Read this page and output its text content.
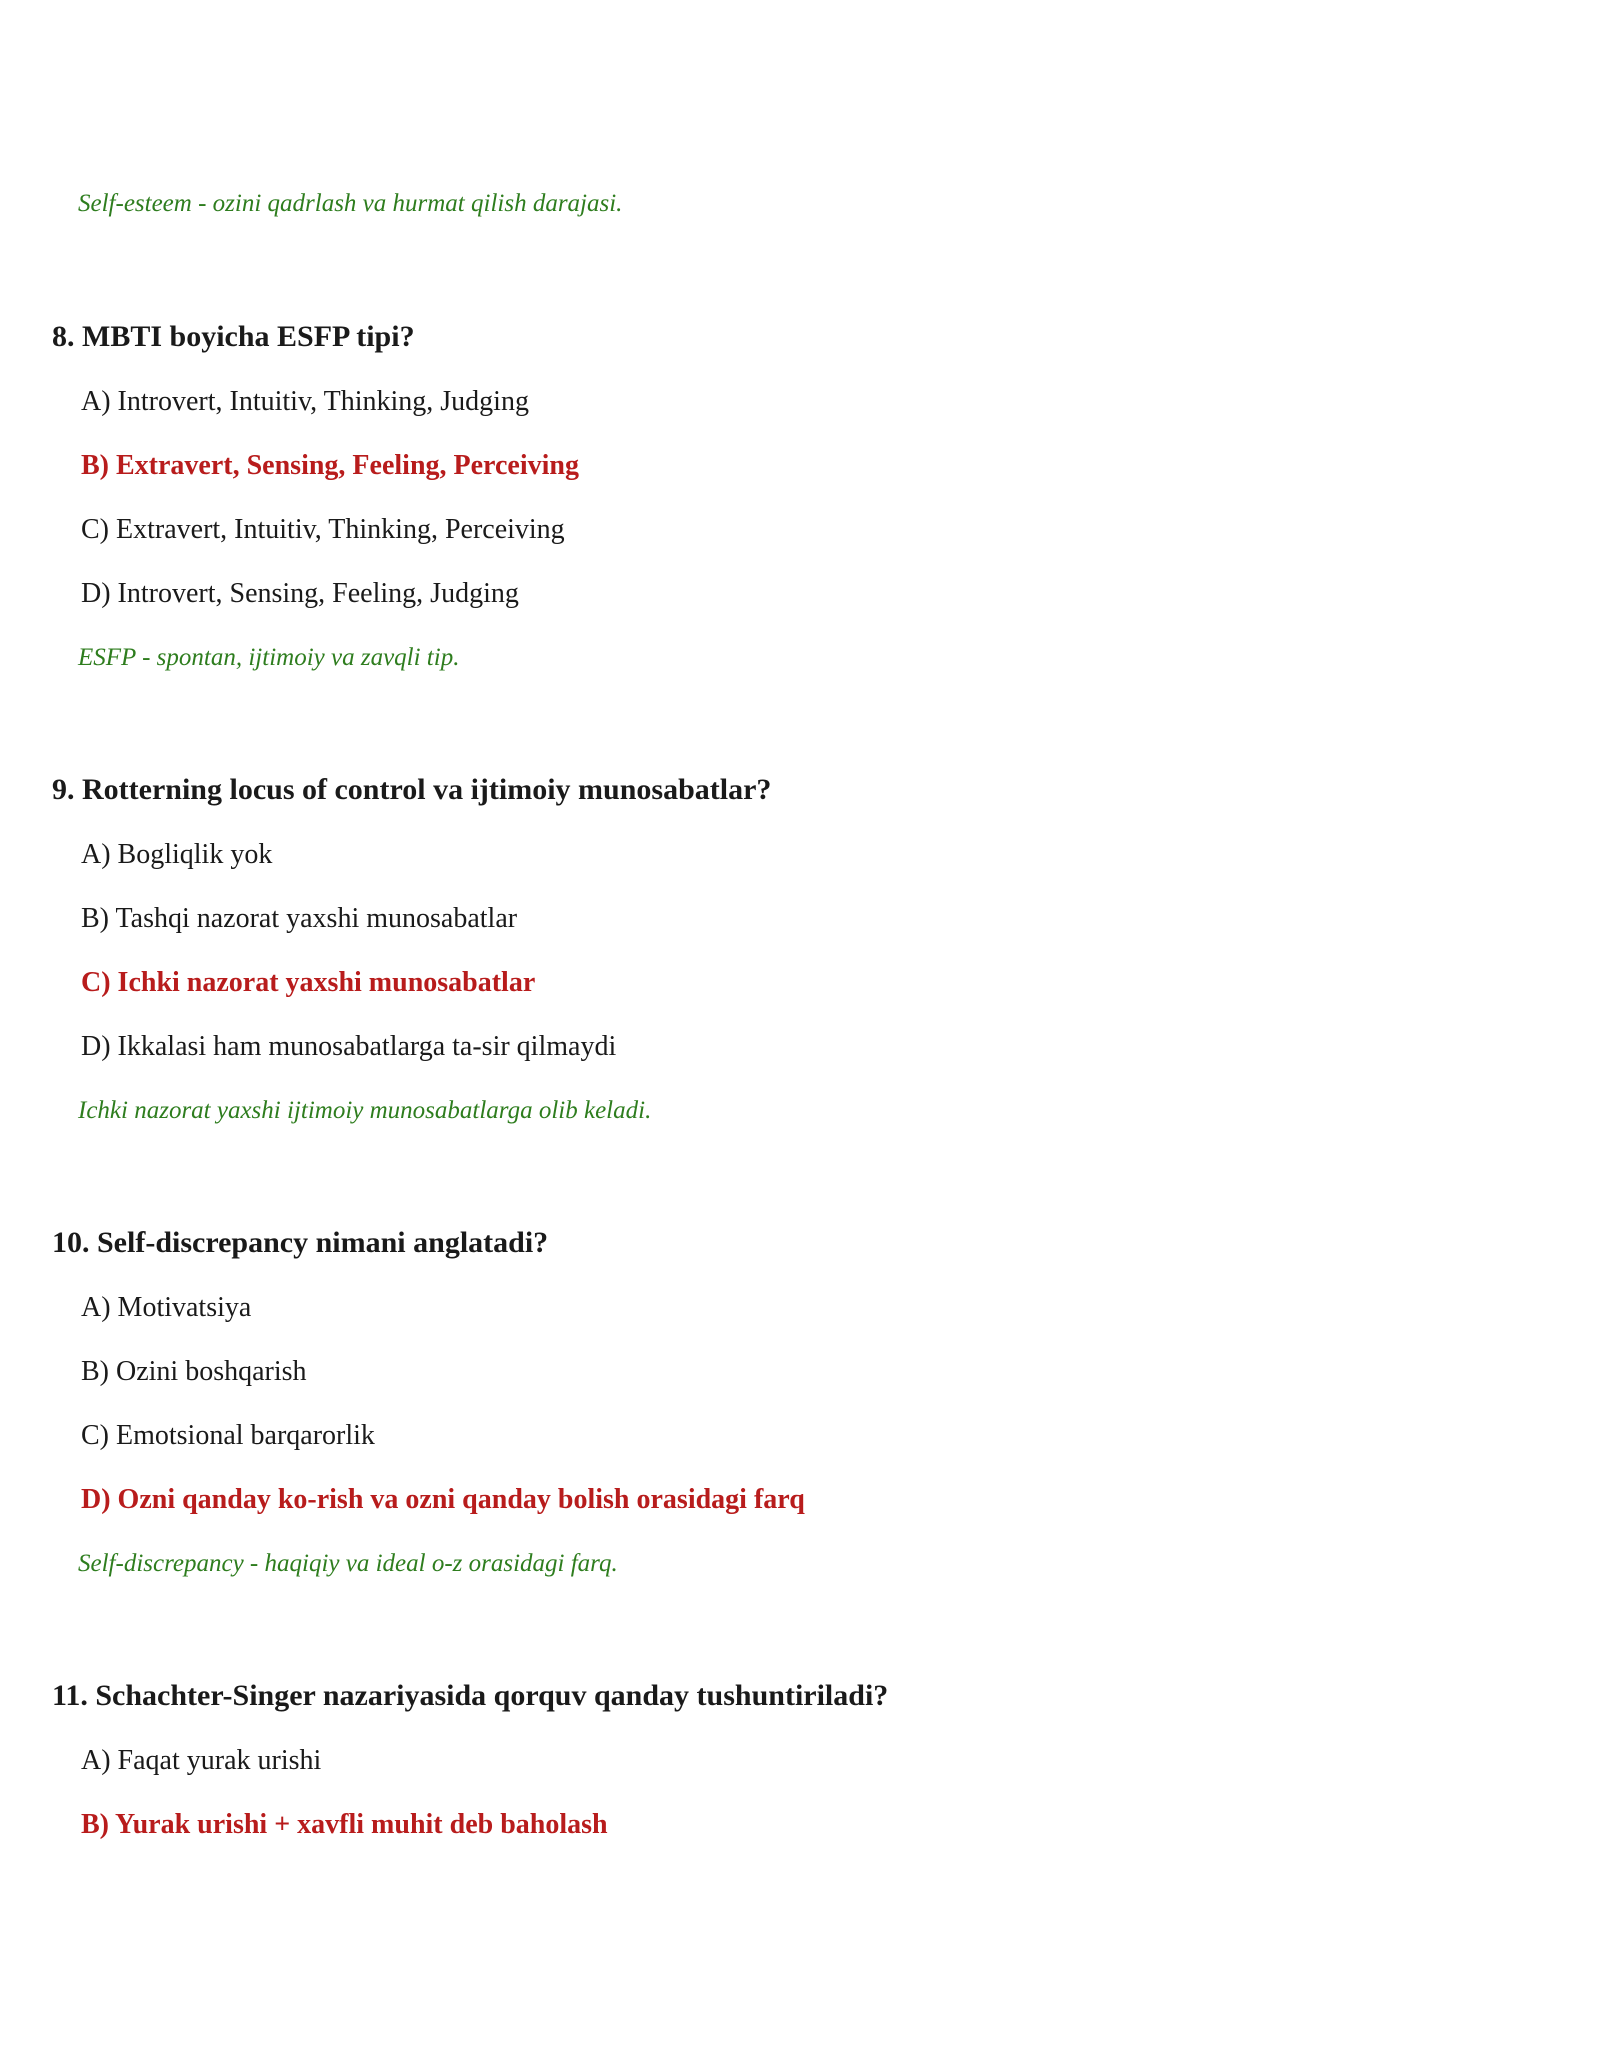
Self-esteem - ozini qadrlash va hurmat qilish darajasi.
8. MBTI boyicha ESFP tipi?
A) Introvert, Intuitiv, Thinking, Judging
B) Extravert, Sensing, Feeling, Perceiving
C) Extravert, Intuitiv, Thinking, Perceiving
D) Introvert, Sensing, Feeling, Judging
ESFP - spontan, ijtimoiy va zavqli tip.
9. Rotterning locus of control va ijtimoiy munosabatlar?
A) Bogliqlik yok
B) Tashqi nazorat yaxshi munosabatlar
C) Ichki nazorat yaxshi munosabatlar
D) Ikkalasi ham munosabatlarga ta-sir qilmaydi
Ichki nazorat yaxshi ijtimoiy munosabatlarga olib keladi.
10. Self-discrepancy nimani anglatadi?
A) Motivatsiya
B) Ozini boshqarish
C) Emotsional barqarorlik
D) Ozni qanday ko-rish va ozni qanday bolish orasidagi farq
Self-discrepancy - haqiqiy va ideal o-z orasidagi farq.
11. Schachter-Singer nazariyasida qorquv qanday tushuntiriladi?
A) Faqat yurak urishi
B) Yurak urishi + xavfli muhit deb baholash
